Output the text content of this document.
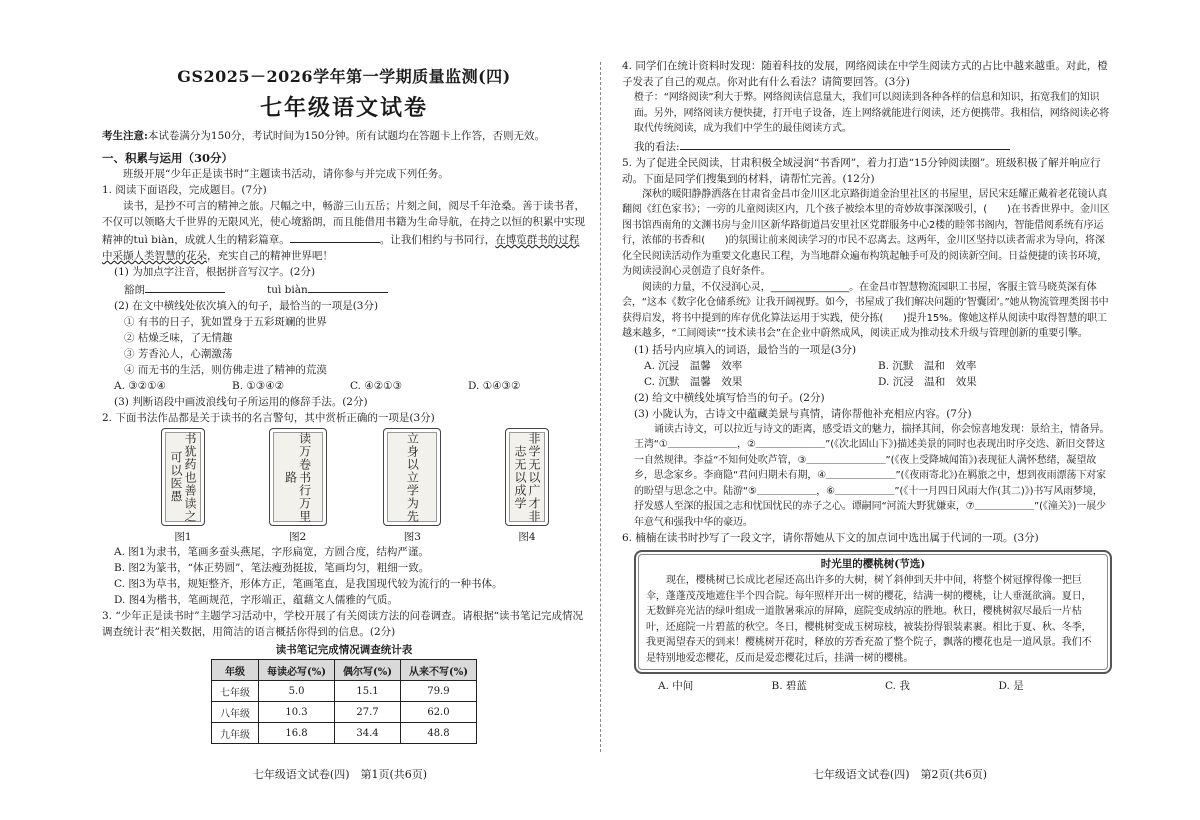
GS2025－2026学年第一学期质量监测(四)
七年级语文试卷
考生注意:本试卷满分为150分，考试时间为150分钟。所有试题均在答题卡上作答，否则无效。
一、积累与运用（30分）

班级开展“少年正是读书时”主题读书活动，请你参与并完成下列任务。

1. 阅读下面语段，完成题目。(7分)

读书，是抄不可言的精神之旅。尺幅之中，畅游三山五岳；片刻之间，阅尽千年沧桑。善于读书者，不仅可以领略大千世界的无限风光，使心境豁朗，而且能借用书籍为生命导航，在持之以恒的积累中实现精神的tuì biàn，成就人生的精彩篇章。	。让我们相约与书同行，在博览群书的过程中采撷人类智慧的花朵，充实自己的精神世界吧！

(1) 为加点字注音，根据拼音写汉字。(2分)

豁朗　　　　	tuì biàn

(2) 在文中横线处依次填入的句子，最恰当的一项是(3分)

① 有书的日子，犹如置身于五彩斑斓的世界

② 枯燥乏味，了无情趣

③ 芳香沁人，心潮激荡

④ 而无书的生活，则仿佛走进了精神的荒漠

A. ③②①④	B. ①③④②	C. ④②①③	D. ①④③②

(3) 判断语段中画波浪线句子所运用的修辞手法。(2分)

2. 下面书法作品都是关于读书的名言警句，其中赏析正确的一项是(3分)

书犹药也善读之可以医愚
图1
读万卷书行万里路
图2
立身以立学为先
图3
非学无以广才非志无以成学
图4

A. 图1为隶书，笔画多蚕头燕尾，字形扁宽，方圆合度，结构严谨。

B. 图2为篆书，“体正势圆”，笔法瘦劲挺拔，笔画均匀，粗细一致。

C. 图3为草书，规矩整齐，形体方正，笔画笔直，是我国现代较为流行的一种书体。

D. 图4为楷书，笔画规范，字形端正，蕴藉文人儒雅的气质。

3. “少年正是读书时”主题学习活动中，学校开展了有关阅读方法的问卷调查。请根据“读书笔记完成情况调查统计表”相关数据，用简洁的语言概括你得到的信息。(2分)

读书笔记完成情况调查统计表
年级	每读必写(%)	偶尔写(%)	从来不写(%)
七年级	5.0	15.1	79.9
八年级	10.3	27.7	62.0
九年级	16.8	34.4	48.8
七年级语文试卷(四)　第1页(共6页)

4. 同学们在统计资料时发现：随着科技的发展，网络阅读在中学生阅读方式的占比中越来越重。对此，橙子发表了自己的观点。你对此有什么看法？请简要回答。(3分)

橙子：“网络阅读”利大于弊。网络阅读信息量大，我们可以阅读到各种各样的信息和知识，拓宽我们的知识面。另外，网络阅读方便快捷，打开电子设备，连上网络就能进行阅读，还方便携带。我相信，网络阅读必将取代传统阅读，成为我们中学生的最佳阅读方式。

我的看法:

5. 为了促进全民阅读，甘肃积极全域浸润“书香网”，着力打造“15分钟阅读圈”。班级积极了解并响应行动。下面是同学们搜集到的材料，请帮忙完善。(12分)

深秋的暖阳静静洒落在甘肃省金昌市金川区北京路街道金治里社区的书屋里，居民宋廷耀正戴着老花镜认真翻阅《红色家书》；一旁的儿童阅读区内，几个孩子被绘本里的奇妙故事深深吸引，(　　)在书香世界中。金川区图书馆西南角的文渊书房与金川区新华路街道昌安里社区党群服务中心2楼的睦邻书阁内，智能借阅系统有序运行，浓郁的书香和(　　)的氛围让前来阅读学习的市民不忍离去。这两年，金川区坚持以读者需求为导向，将深化全民阅读活动作为重要文化惠民工程，为当地群众遍布构筑起触手可及的阅读新空间。日益便捷的读书环境，为阅读浸润心灵创造了良好条件。

阅读的力量，不仅浸润心灵，________________。在金昌市智慧物流园职工书屋，客服主管马晓英深有体会，“这本《数字化仓储系统》让我开阔视野。如今，书屋成了我们解决问题的‘智囊团’。”她从物流管理类图书中获得启发，将书中提到的库存优化算法运用于实践，使分拣(　　)提升15%。像她这样从阅读中取得智慧的职工越来越多，“工间阅读”“技术读书会”在企业中蔚然成风，阅读正成为推动技术升级与管理创新的重要引擎。

(1) 括号内应填入的词语，最恰当的一项是(3分)

A. 沉浸　温馨　效率	B. 沉默　温和　效率
C. 沉默　温馨　效果	D. 沉浸　温和　效果

(2) 给文中横线处填写恰当的句子。(2分)

(3) 小陇认为，古诗文中蕴藏美景与真情，请你帮他补充相应内容。(7分)

诵读古诗文，可以拉近与诗文的距离，感受语文的魅力，揣择其间，你会惊喜地发现：景给主，情备异。王湾“①＿＿＿＿＿＿＿，②＿＿＿＿＿＿＿”(《次北固山下》)描述美景的同时也表现出时序交迭、新旧交替这一自然规律。李益“不知何处吹芦管，③＿＿＿＿＿＿＿＿”(《夜上受降城闻笛》)表现征人满怀愁绪，凝望故乡，思念家乡。李商隐“君问归期未有期，④＿＿＿＿＿＿＿”(《夜雨寄北》)在羁旅之中，想到夜雨漂荡下对家的盼望与思念之中。陆游“⑤＿＿＿＿＿＿，⑥＿＿＿＿＿＿”(《十一月四日风雨大作(其二)》)书写风雨梦境，抒发感人至深的报国之志和忧国忧民的赤子之心。谭嗣同“河流大野犹嫌束，⑦＿＿＿＿＿＿”(《潼关》)一展少年意气和强我中华的豪迈。

6. 楠楠在读书时抄写了一段文字，请你帮她从下文的加点词中选出属于代词的一项。(3分)

时光里的樱桃树(节选)

现在，樱桃树已长成比老屋还高出许多的大树，树丫斜伸到天井中间，将整个树冠撑得像一把巨伞，蓬蓬茂茂地遮住半个四合院。每年照样开出一树的樱花，结满一树的樱桃，让人垂涎欲滴。夏日，无数鲜亮光洁的绿叶组成一道散暑乘凉的屏障，庭院变成纳凉的胜地。秋日，樱桃树叙尽最后一片枯叶，还庭院一片碧蓝的秋空。冬日，樱桃树变成玉树琼枝，被装扮得银装素裹。相比于夏、秋、冬季，我更渴望春天的到来！樱桃树开花时，释放的芳香充盈了整个院子，飘落的樱花也是一道风景。我们不是特别地爱恋樱花，反而是爱恋樱花过后，挂满一树的樱桃。

A. 中间	B. 碧蓝	C. 我	D. 是
七年级语文试卷(四)　第2页(共6页)
